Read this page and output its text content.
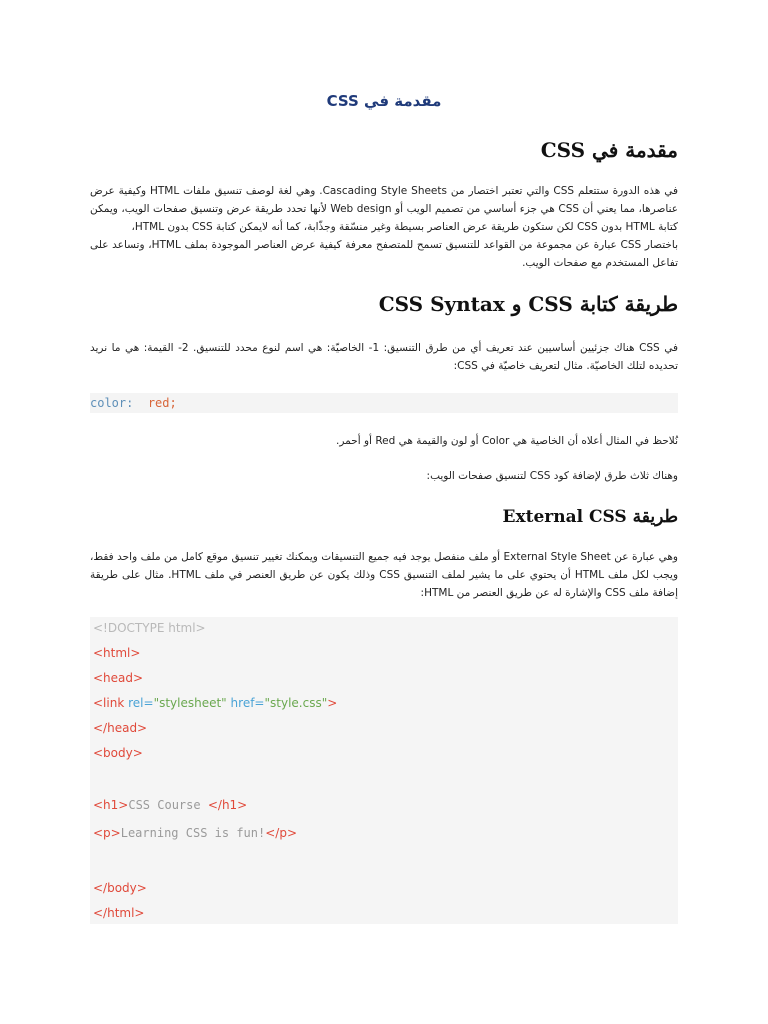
مقدمة في CSS
مقدمة في CSS

في هذه الدورة ستتعلم CSS والتي تعتبر اختصار من Cascading Style Sheets. وهي لغة لوصف تنسيق ملفات HTML وكيفية عرض عناصرها، مما يعني أن CSS هي جزء أساسي من تصميم الويب أو Web design لأنها تحدد طريقة عرض وتنسيق صفحات الويب، ويمكن كتابة HTML بدون CSS لكن ستكون طريقة عرض العناصر بسيطة وغير منسّقة وجذّابة، كما أنه لايمكن كتابة CSS بدون HTML،

باختصار CSS عبارة عن مجموعة من القواعد للتنسيق تسمح للمتصفح معرفة كيفية عرض العناصر الموجودة بملف HTML، وتساعد على تفاعل المستخدم مع صفحات الويب.

طريقة كتابة CSS و CSS Syntax
في CSS هناك جزئيين أساسيين عند تعريف أي من طرق التنسيق: 1- الخاصيّة: هي اسم لنوع محدد للتنسيق. 2- القيمة: هي ما نريد تحديده لتلك الخاصيّة. مثال لتعريف خاصيّة في CSS:
color: red;
نُلاحظ في المثال أعلاه أن الخاصية هي Color أو لون والقيمة هي Red أو أحمر.
وهناك ثلاث طرق لإضافة كود CSS لتنسيق صفحات الويب:
طريقة External CSS
وهي عبارة عن External Style Sheet أو ملف منفصل يوجد فيه جميع التنسيقات ويمكنك تغيير تنسيق موقع كامل من ملف واحد فقط، ويجب لكل ملف HTML أن يحتوي على ما يشير لملف التنسيق CSS وذلك يكون عن طريق العنصر في ملف HTML. مثال على طريقة إضافة ملف CSS والإشارة له عن طريق العنصر من HTML:
<!DOCTYPE html>
<html>
<head>
<link rel="stylesheet" href="style.css">
</head>
<body>
<h1>CSS Course </h1>
<p>Learning CSS is fun!</p>
</body>
</html>
